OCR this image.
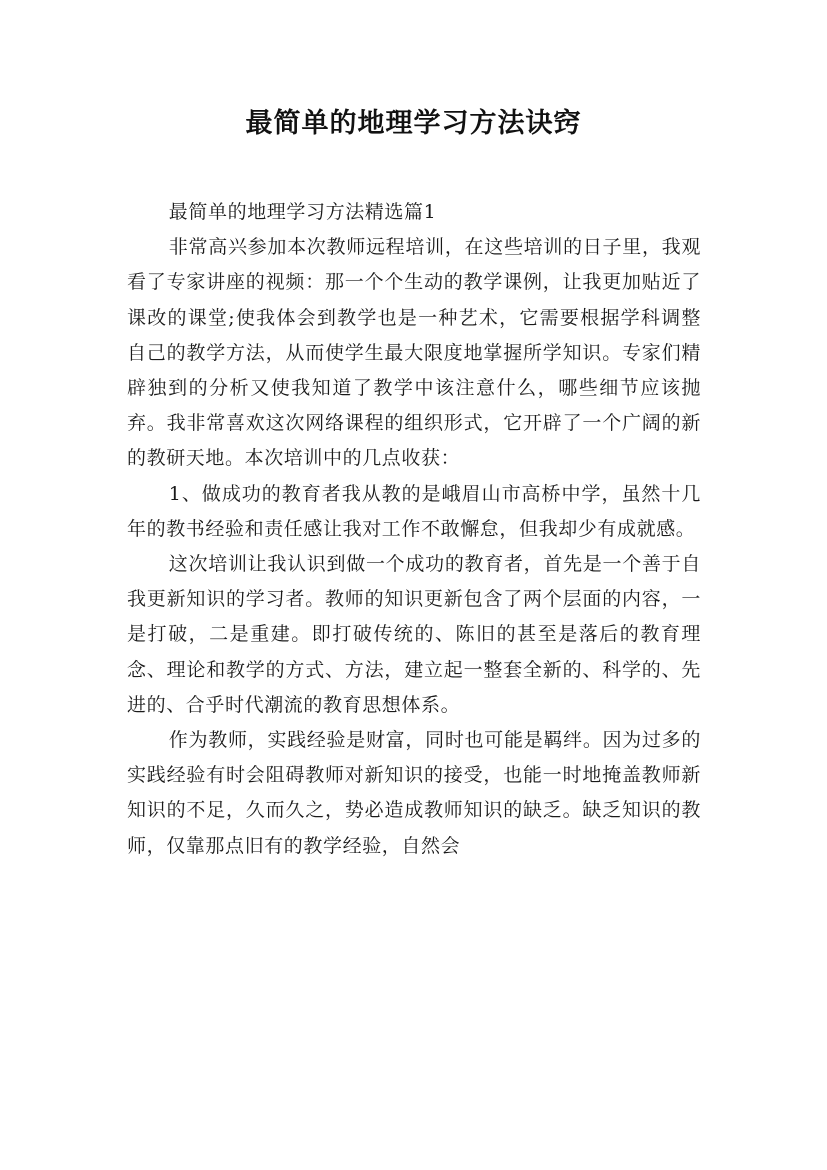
最简单的地理学习方法诀窍

最简单的地理学习方法精选篇1

非常高兴参加本次教师远程培训，在这些培训的日子里，我观看了专家讲座的视频：那一个个生动的教学课例，让我更加贴近了课改的课堂;使我体会到教学也是一种艺术，它需要根据学科调整自己的教学方法，从而使学生最大限度地掌握所学知识。专家们精辟独到的分析又使我知道了教学中该注意什么，哪些细节应该抛弃。我非常喜欢这次网络课程的组织形式，它开辟了一个广阔的新的教研天地。本次培训中的几点收获：

1、做成功的教育者我从教的是峨眉山市高桥中学，虽然十几年的教书经验和责任感让我对工作不敢懈怠，但我却少有成就感。

这次培训让我认识到做一个成功的教育者，首先是一个善于自我更新知识的学习者。教师的知识更新包含了两个层面的内容，一是打破，二是重建。即打破传统的、陈旧的甚至是落后的教育理念、理论和教学的方式、方法，建立起一整套全新的、科学的、先进的、合乎时代潮流的教育思想体系。

作为教师，实践经验是财富，同时也可能是羁绊。因为过多的实践经验有时会阻碍教师对新知识的接受，也能一时地掩盖教师新知识的不足，久而久之，势必造成教师知识的缺乏。缺乏知识的教师，仅靠那点旧有的教学经验，自然会
